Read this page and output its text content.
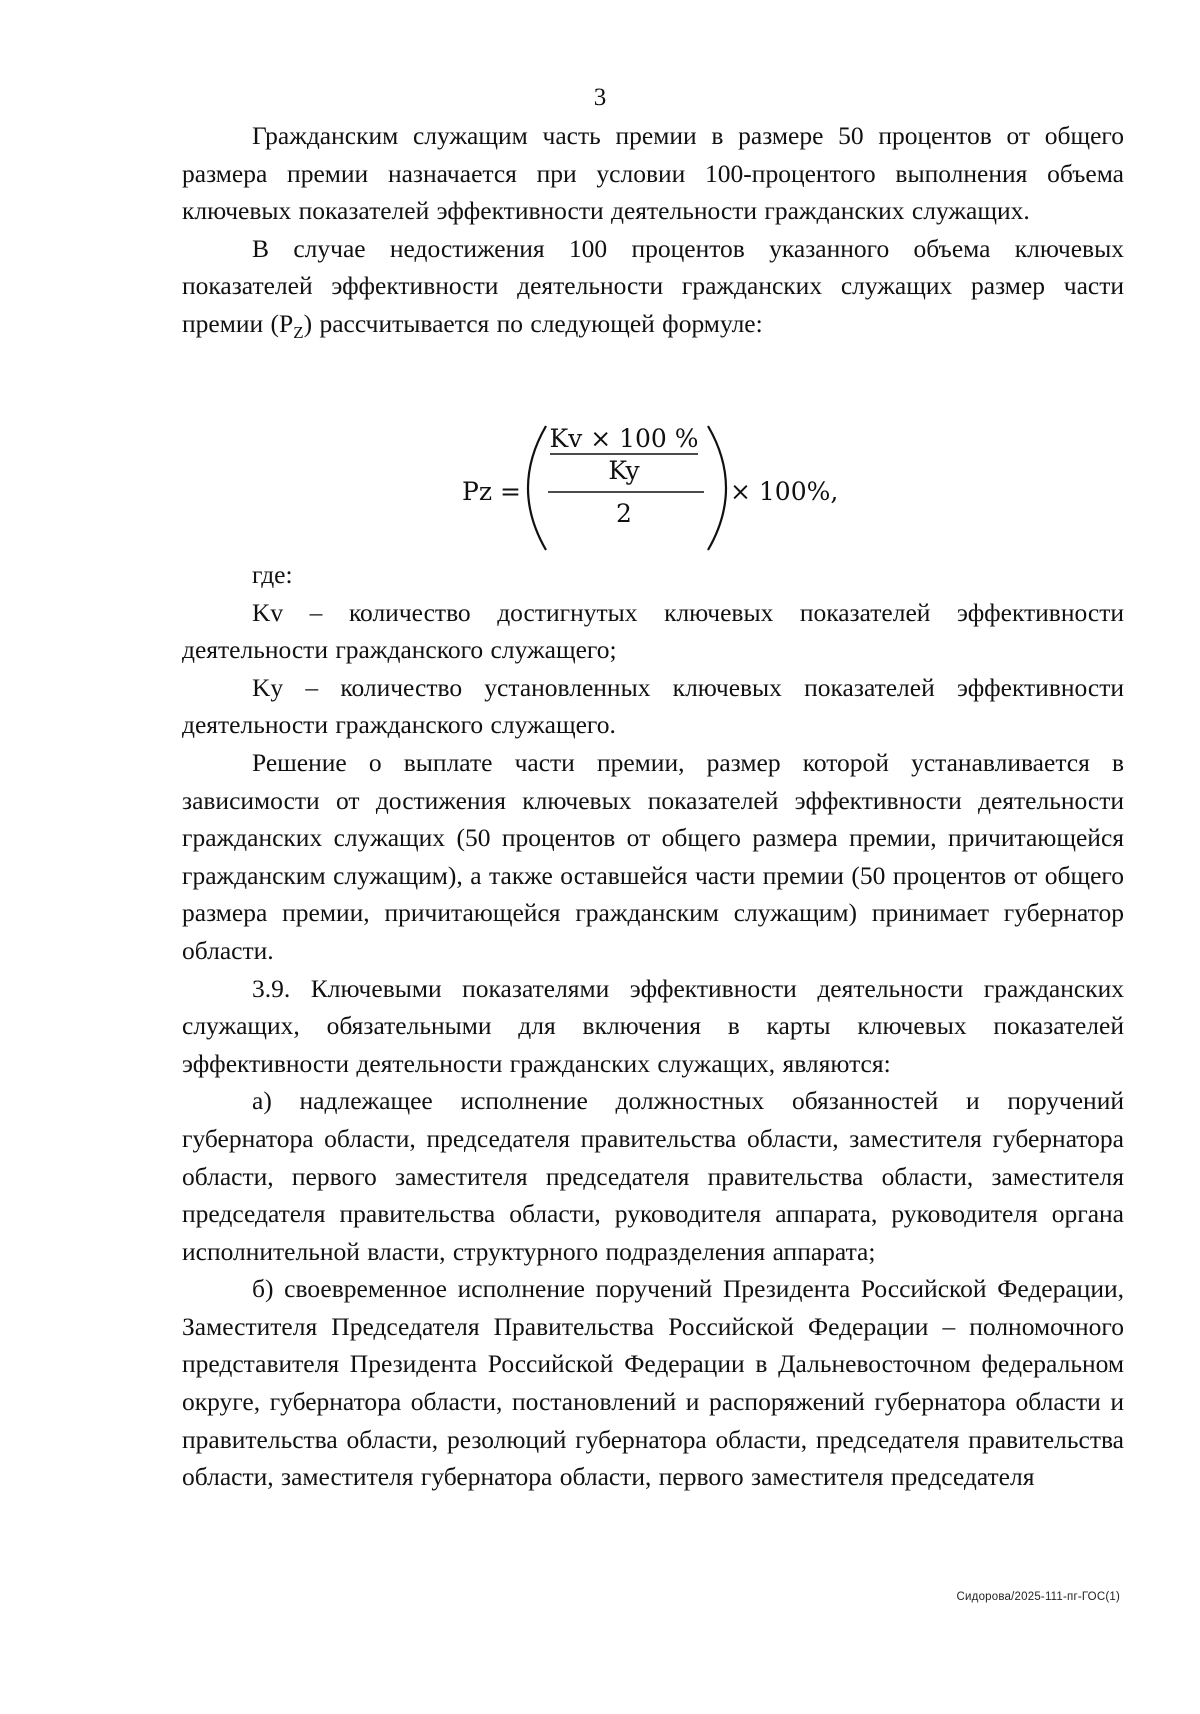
3

Гражданским служащим часть премии в размере 50 процентов от общего размера премии назначается при условии 100-процентого выполнения объема ключевых показателей эффективности деятельности гражданских служащих.

В случае недостижения 100 процентов указанного объема ключевых показателей эффективности деятельности гражданских служащих размер части премии $(P_Z)$ рассчитывается по следующей формуле:

Pz =
Kv × 100 %
Ky
2
× 100%,

где:

Kv – количество достигнутых ключевых показателей эффективности деятельности гражданского служащего;

Ky – количество установленных ключевых показателей эффективности деятельности гражданского служащего.

Решение о выплате части премии, размер которой устанавливается в зависимости от достижения ключевых показателей эффективности деятельности гражданских служащих (50 процентов от общего размера премии, причитающейся гражданским служащим), а также оставшейся части премии (50 процентов от общего размера премии, причитающейся гражданским служащим) принимает губернатор области.

3.9. Ключевыми показателями эффективности деятельности гражданских служащих, обязательными для включения в карты ключевых показателей эффективности деятельности гражданских служащих, являются:

а) надлежащее исполнение должностных обязанностей и поручений губернатора области, председателя правительства области, заместителя губернатора области, первого заместителя председателя правительства области, заместителя председателя правительства области, руководителя аппарата, руководителя органа исполнительной власти, структурного подразделения аппарата;

б) своевременное исполнение поручений Президента Российской Федерации, Заместителя Председателя Правительства Российской Федерации – полномочного представителя Президента Российской Федерации в Дальневосточном федеральном округе, губернатора области, постановлений и распоряжений губернатора области и правительства области, резолюций губернатора области, председателя правительства области, заместителя губернатора области, первого заместителя председателя

Сидорова/2025-111-пг-ГОС(1)
